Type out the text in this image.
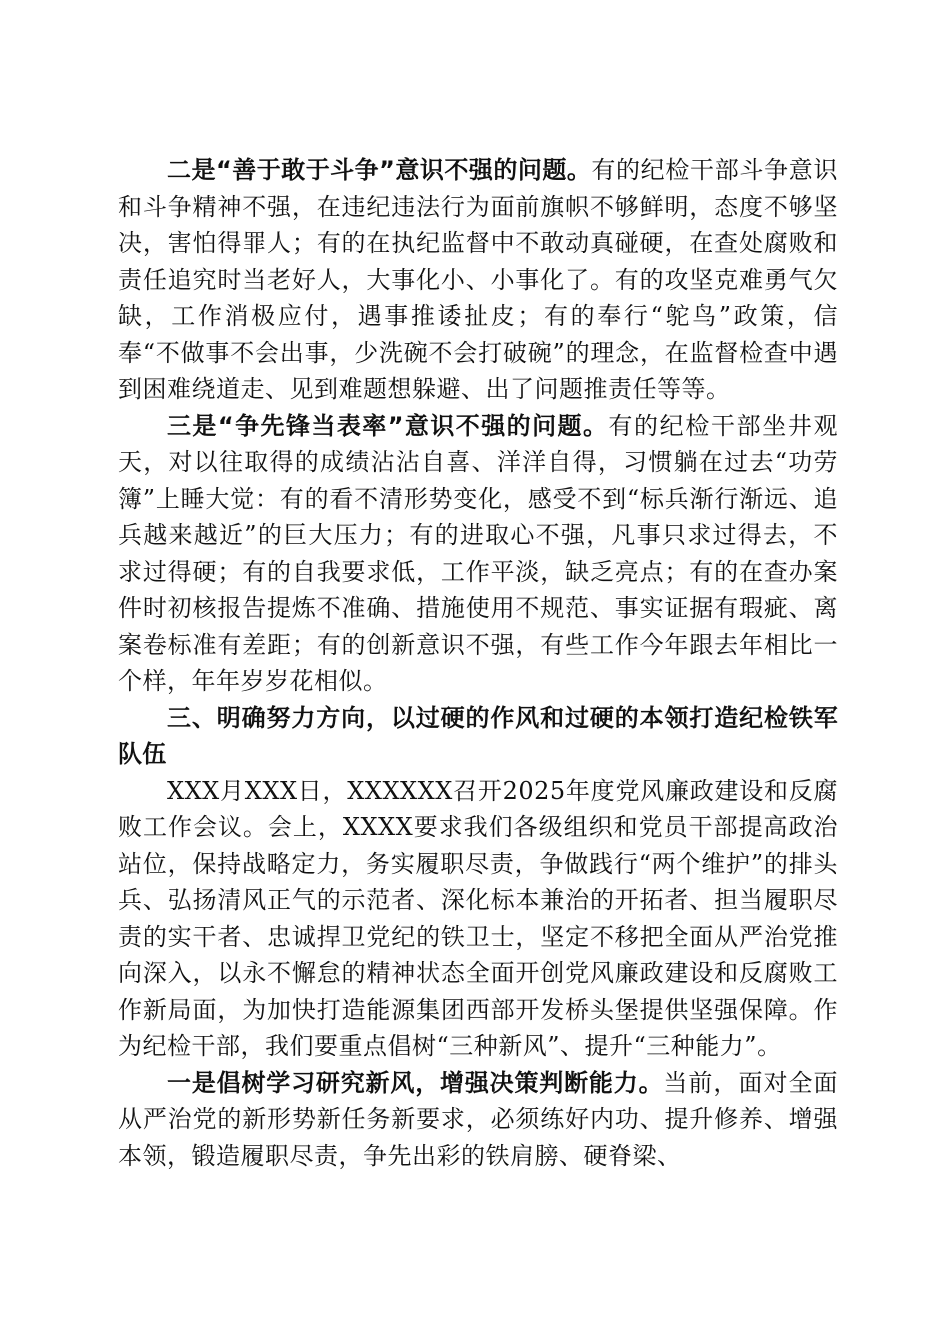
二是“善于敢于斗争”意识不强的问题。有的纪检干部斗争意识和斗争精神不强，在违纪违法行为面前旗帜不够鲜明，态度不够坚决，害怕得罪人；有的在执纪监督中不敢动真碰硬，在查处腐败和责任追究时当老好人，大事化小、小事化了。有的攻坚克难勇气欠缺，工作消极应付，遇事推诿扯皮；有的奉行“鸵鸟”政策，信奉“不做事不会出事，少洗碗不会打破碗”的理念，在监督检查中遇到困难绕道走、见到难题想躲避、出了问题推责任等等。

三是“争先锋当表率”意识不强的问题。有的纪检干部坐井观天，对以往取得的成绩沾沾自喜、洋洋自得，习惯躺在过去“功劳簿”上睡大觉：有的看不清形势变化，感受不到“标兵渐行渐远、追兵越来越近”的巨大压力；有的进取心不强，凡事只求过得去，不求过得硬；有的自我要求低，工作平淡，缺乏亮点；有的在查办案件时初核报告提炼不准确、措施使用不规范、事实证据有瑕疵、离案卷标准有差距；有的创新意识不强，有些工作今年跟去年相比一个样，年年岁岁花相似。

三、明确努力方向，以过硬的作风和过硬的本领打造纪检铁军队伍

XXX月XXX日，XXXXXX召开2025年度党风廉政建设和反腐败工作会议。会上，XXXX要求我们各级组织和党员干部提高政治站位，保持战略定力，务实履职尽责，争做践行“两个维护”的排头兵、弘扬清风正气的示范者、深化标本兼治的开拓者、担当履职尽责的实干者、忠诚捍卫党纪的铁卫士，坚定不移把全面从严治党推向深入，以永不懈怠的精神状态全面开创党风廉政建设和反腐败工作新局面，为加快打造能源集团西部开发桥头堡提供坚强保障。作为纪检干部，我们要重点倡树“三种新风”、提升“三种能力”。

一是倡树学习研究新风，增强决策判断能力。当前，面对全面从严治党的新形势新任务新要求，必须练好内功、提升修养、增强本领，锻造履职尽责，争先出彩的铁肩膀、硬脊梁、
